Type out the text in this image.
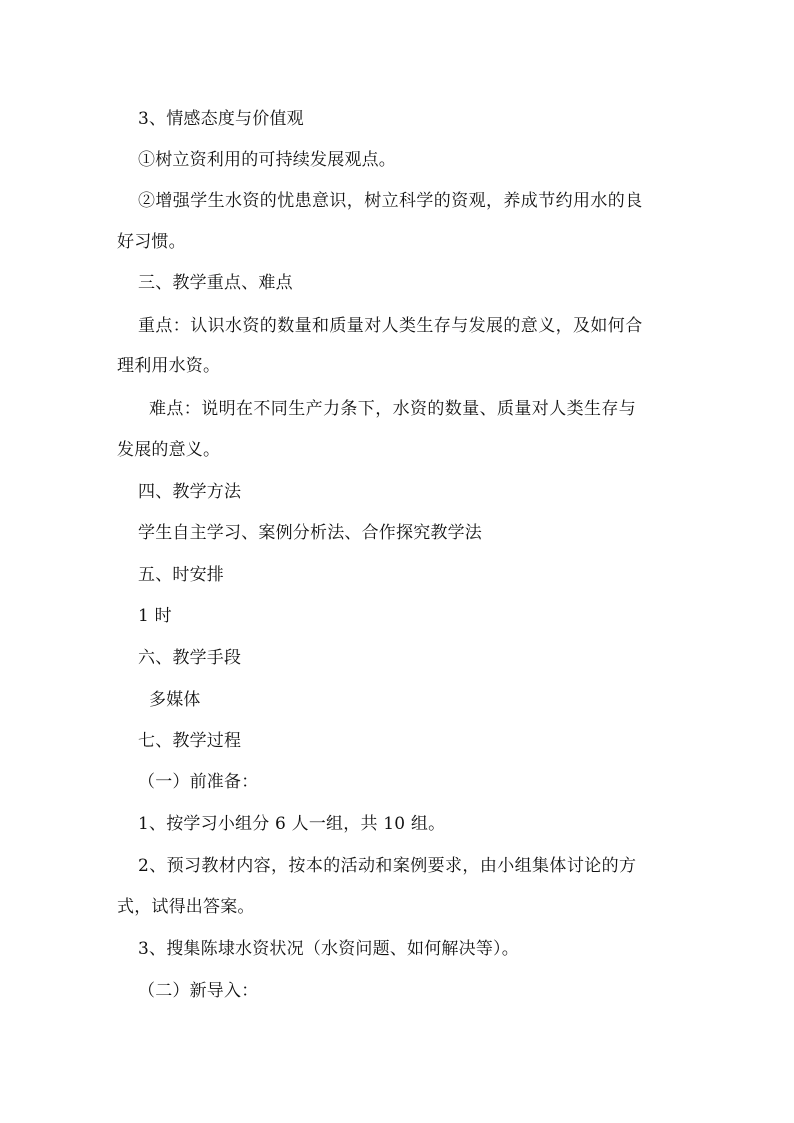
3、情感态度与价值观
①树立资利用的可持续发展观点。
②增强学生水资的忧患意识，树立科学的资观，养成节约用水的良
好习惯。
三、教学重点、难点
重点：认识水资的数量和质量对人类生存与发展的意义，及如何合
理利用水资。
难点：说明在不同生产力条下，水资的数量、质量对人类生存与
发展的意义。
四、教学方法
学生自主学习、案例分析法、合作探究教学法
五、时安排
1 时
六、教学手段
多媒体
七、教学过程
（一）前准备：
1、按学习小组分 6 人一组，共 10 组。
2、预习教材内容，按本的活动和案例要求，由小组集体讨论的方
式，试得出答案。
3、搜集陈埭水资状况（水资问题、如何解决等）。
（二）新导入：
